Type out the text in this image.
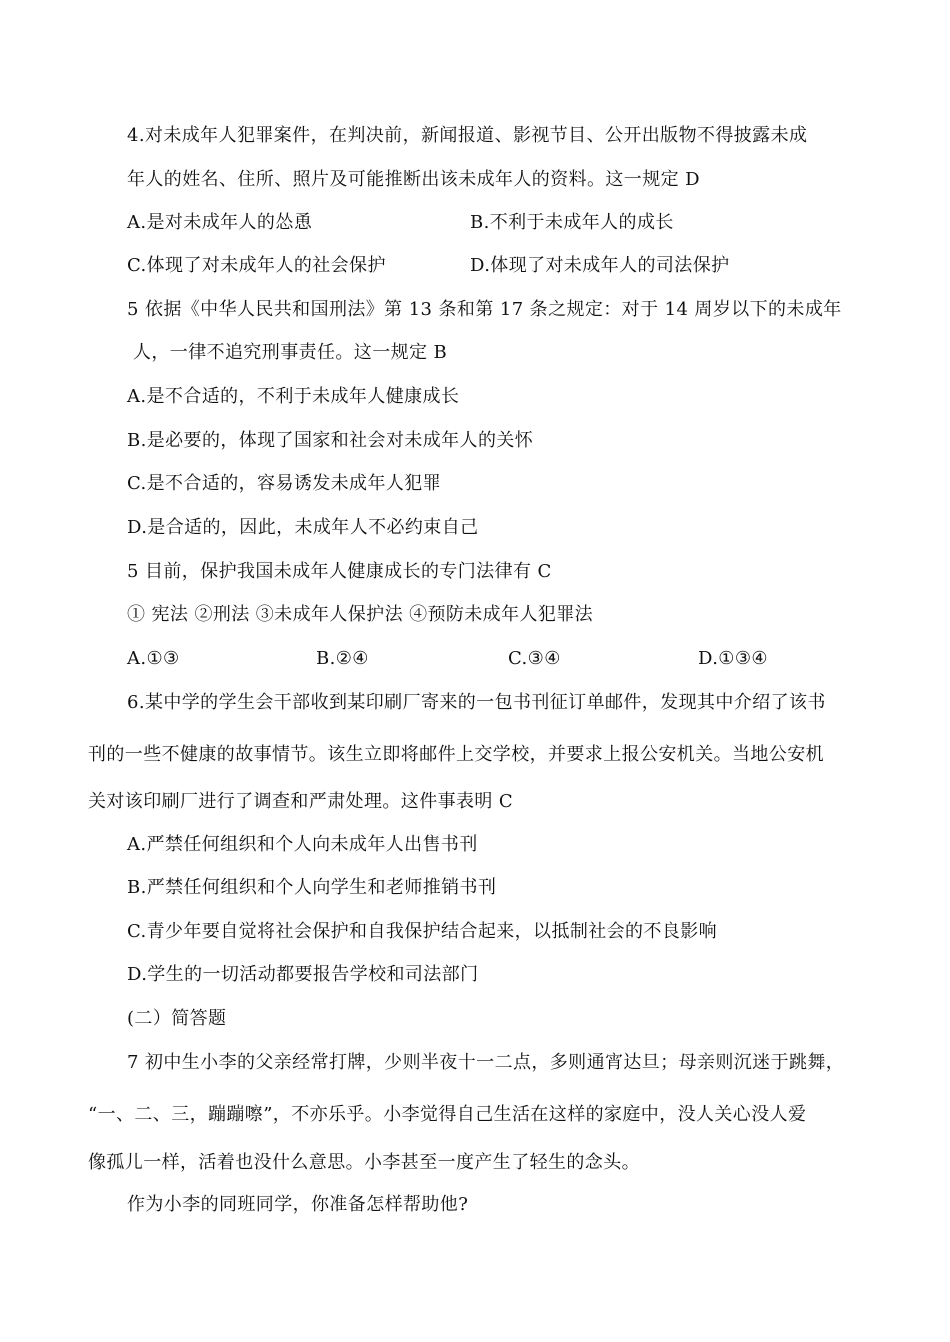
4.对未成年人犯罪案件，在判决前，新闻报道、影视节目、公开出版物不得披露未成
年人的姓名、住所、照片及可能推断出该未成年人的资料。这一规定 D
A.是对未成年人的怂恿	B.不利于未成年人的成长
C.体现了对未成年人的社会保护	D.体现了对未成年人的司法保护
5 依据《中华人民共和国刑法》第 13 条和第 17 条之规定：对于 14 周岁以下的未成年
人，一律不追究刑事责任。这一规定 B
A.是不合适的，不利于未成年人健康成长
B.是必要的，体现了国家和社会对未成年人的关怀
C.是不合适的，容易诱发未成年人犯罪
D.是合适的，因此，未成年人不必约束自己
5 目前，保护我国未成年人健康成长的专门法律有 C
① 宪法 ②刑法 ③未成年人保护法 ④预防未成年人犯罪法
A.①③	B.②④	C.③④	D.①③④
6.某中学的学生会干部收到某印刷厂寄来的一包书刊征订单邮件，发现其中介绍了该书
刊的一些不健康的故事情节。该生立即将邮件上交学校，并要求上报公安机关。当地公安机
关对该印刷厂进行了调查和严肃处理。这件事表明 C
A.严禁任何组织和个人向未成年人出售书刊
B.严禁任何组织和个人向学生和老师推销书刊
C.青少年要自觉将社会保护和自我保护结合起来，以抵制社会的不良影响
D.学生的一切活动都要报告学校和司法部门
(二）简答题
7 初中生小李的父亲经常打牌，少则半夜十一二点，多则通宵达旦；母亲则沉迷于跳舞，
“一、二、三，蹦蹦嚓”，不亦乐乎。小李觉得自己生活在这样的家庭中，没人关心没人爱
像孤儿一样，活着也没什么意思。小李甚至一度产生了轻生的念头。
作为小李的同班同学，你准备怎样帮助他?
